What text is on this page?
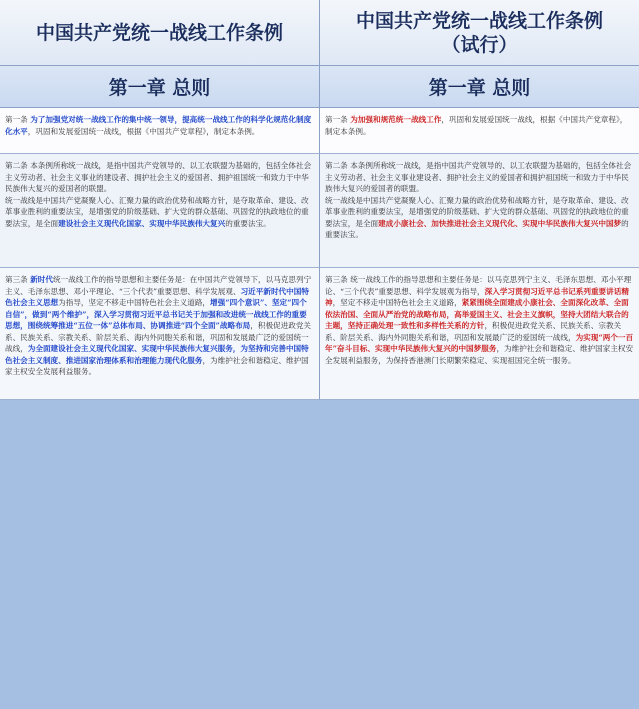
中国共产党统一战线工作条例
中国共产党统一战线工作条例
（试行）
第一章 总则	第一章 总则

第一条 为了加强党对统一战线工作的集中统一领导，提高统一战线工作的科学化规范化制度化水平，巩固和发展爱国统一战线，根据《中国共产党章程》，制定本条例。

第一条 为加强和规范统一战线工作，巩固和发展爱国统一战线，根据《中国共产党章程》，制定本条例。

第二条 本条例所称统一战线，是指中国共产党领导的、以工农联盟为基础的，包括全体社会主义劳动者、社会主义事业的建设者、拥护社会主义的爱国者、拥护祖国统一和致力于中华民族伟大复兴的爱国者的联盟。

统一战线是中国共产党凝聚人心、汇聚力量的政治优势和战略方针，是夺取革命、建设、改革事业胜利的重要法宝，是增强党的阶级基础、扩大党的群众基础、巩固党的执政地位的重要法宝，是全面建设社会主义现代化国家、实现中华民族伟大复兴的重要法宝。

第二条 本条例所称统一战线，是指中国共产党领导的、以工农联盟为基础的，包括全体社会主义劳动者、社会主义事业建设者、拥护社会主义的爱国者和拥护祖国统一和致力于中华民族伟大复兴的爱国者的联盟。

统一战线是中国共产党凝聚人心、汇聚力量的政治优势和战略方针，是夺取革命、建设、改革事业胜利的重要法宝，是增强党的阶级基础、扩大党的群众基础、巩固党的执政地位的重要法宝，是全面建成小康社会、加快推进社会主义现代化、实现中华民族伟大复兴中国梦的重要法宝。

第三条 新时代统一战线工作的指导思想和主要任务是：在中国共产党领导下，以马克思列宁主义、毛泽东思想、邓小平理论、“三个代表”重要思想、科学发展观、习近平新时代中国特色社会主义思想为指导，坚定不移走中国特色社会主义道路，增强“四个意识”、坚定“四个自信”，做到“两个维护”，深入学习贯彻习近平总书记关于加强和改进统一战线工作的重要思想，围绕统筹推进“五位一体”总体布局、协调推进“四个全面”战略布局，积极促进政党关系、民族关系、宗教关系、阶层关系、海内外同胞关系和谐，巩固和发展最广泛的爱国统一战线，为全面建设社会主义现代化国家、实现中华民族伟大复兴服务，为坚持和完善中国特色社会主义制度、推进国家治理体系和治理能力现代化服务，为维护社会和谐稳定、维护国家主权安全发展利益服务。

第三条 统一战线工作的指导思想和主要任务是：以马克思列宁主义、毛泽东思想、邓小平理论、“三个代表”重要思想、科学发展观为指导，深入学习贯彻习近平总书记系列重要讲话精神，坚定不移走中国特色社会主义道路，紧紧围绕全面建成小康社会、全面深化改革、全面依法治国、全面从严治党的战略布局，高举爱国主义、社会主义旗帜，坚持大团结大联合的主题，坚持正确处理一致性和多样性关系的方针，积极促进政党关系、民族关系、宗教关系、阶层关系、海内外同胞关系和谐，巩固和发展最广泛的爱国统一战线，为实现“两个一百年”奋斗目标、实现中华民族伟大复兴的中国梦服务，为维护社会和谐稳定、维护国家主权安全发展利益服务，为保持香港澳门长期繁荣稳定、实现祖国完全统一服务。
